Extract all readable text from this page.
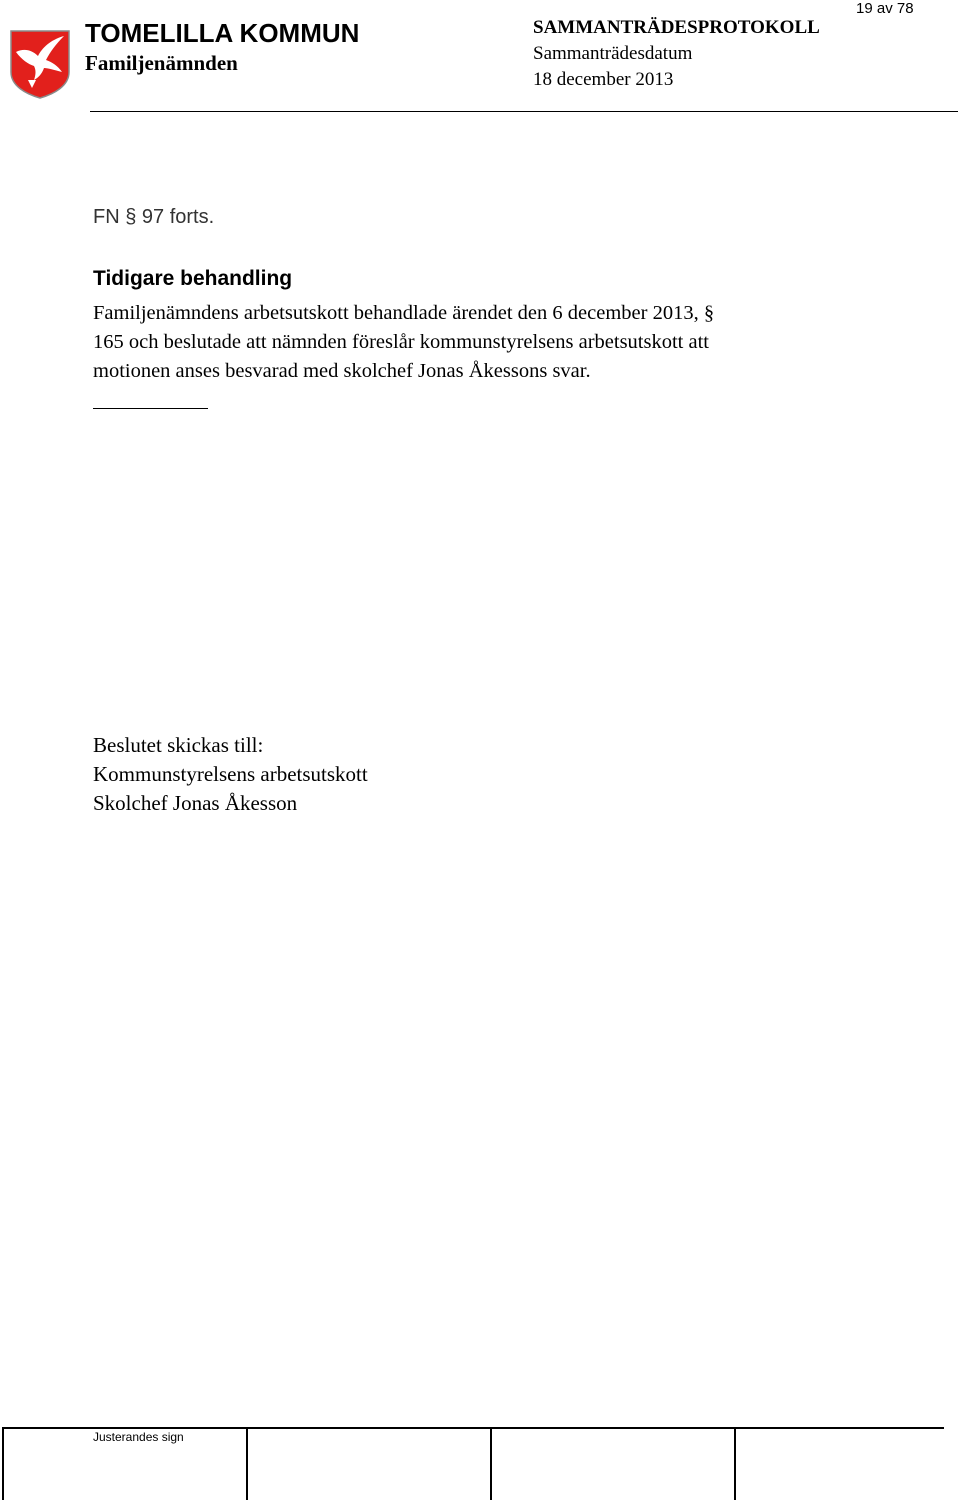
19 av 78
TOMELILLA KOMMUN
Familjenämnden
SAMMANTRÄDESPROTOKOLL
Sammanträdesdatum
18 december 2013
FN § 97 forts.
Tidigare behandling
Familjenämndens arbetsutskott behandlade ärendet den 6 december 2013, §
165 och beslutade att nämnden föreslår kommunstyrelsens arbetsutskott att
motionen anses besvarad med skolchef Jonas Åkessons svar.
Beslutet skickas till:
Kommunstyrelsens arbetsutskott
Skolchef Jonas Åkesson
Justerandes sign
